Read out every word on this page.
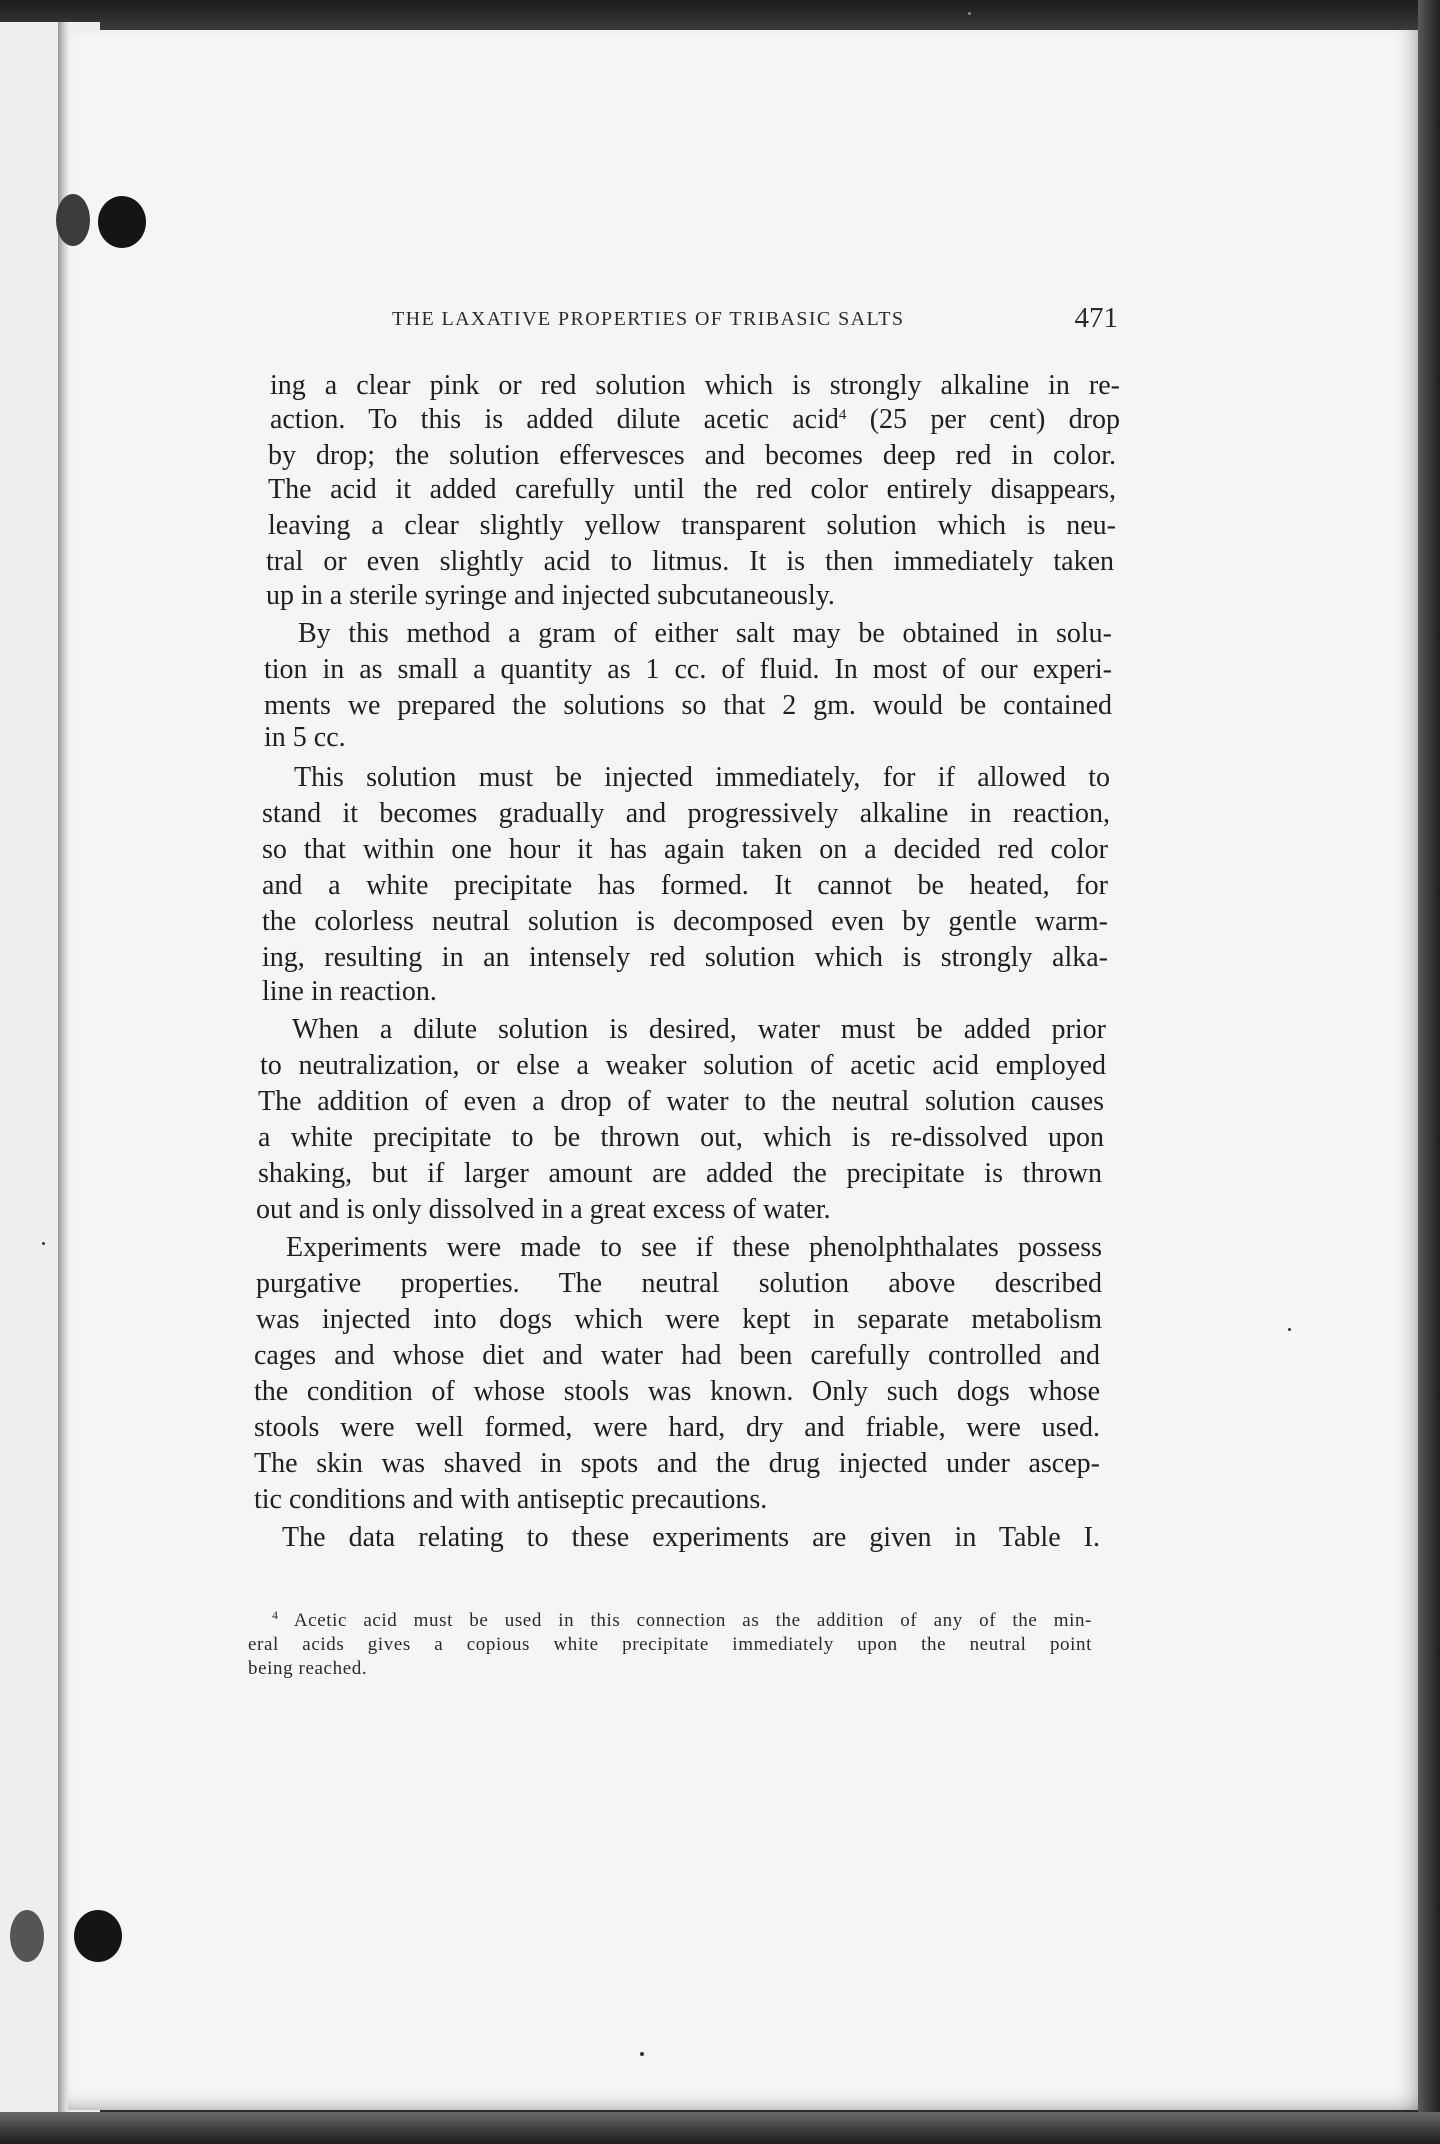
THE LAXATIVE PROPERTIES OF TRIBASIC SALTS	471
ing a clear pink or red solution which is strongly alkaline in re-
action. To this is added dilute acetic acid$^4$ (25 per cent) drop
by drop; the solution effervesces and becomes deep red in color.
The acid it added carefully until the red color entirely disappears,
leaving a clear slightly yellow transparent solution which is neu-
tral or even slightly acid to litmus. It is then immediately taken
up in a sterile syringe and injected subcutaneously.
By this method a gram of either salt may be obtained in solu-
tion in as small a quantity as 1 cc. of fluid. In most of our experi-
ments we prepared the solutions so that 2 gm. would be contained
in 5 cc.
This solution must be injected immediately, for if allowed to
stand it becomes gradually and progressively alkaline in reaction,
so that within one hour it has again taken on a decided red color
and a white precipitate has formed. It cannot be heated, for
the colorless neutral solution is decomposed even by gentle warm-
ing, resulting in an intensely red solution which is strongly alka-
line in reaction.
When a dilute solution is desired, water must be added prior
to neutralization, or else a weaker solution of acetic acid employed
The addition of even a drop of water to the neutral solution causes
a white precipitate to be thrown out, which is re-dissolved upon
shaking, but if larger amount are added the precipitate is thrown
out and is only dissolved in a great excess of water.
Experiments were made to see if these phenolphthalates possess
purgative properties. The neutral solution above described
was injected into dogs which were kept in separate metabolism
cages and whose diet and water had been carefully controlled and
the condition of whose stools was known. Only such dogs whose
stools were well formed, were hard, dry and friable, were used.
The skin was shaved in spots and the drug injected under ascep-
tic conditions and with antiseptic precautions.
The data relating to these experiments are given in Table I.
$^4$ Acetic acid must be used in this connection as the addition of any of the min-
eral acids gives a copious white precipitate immediately upon the neutral point
being reached.
